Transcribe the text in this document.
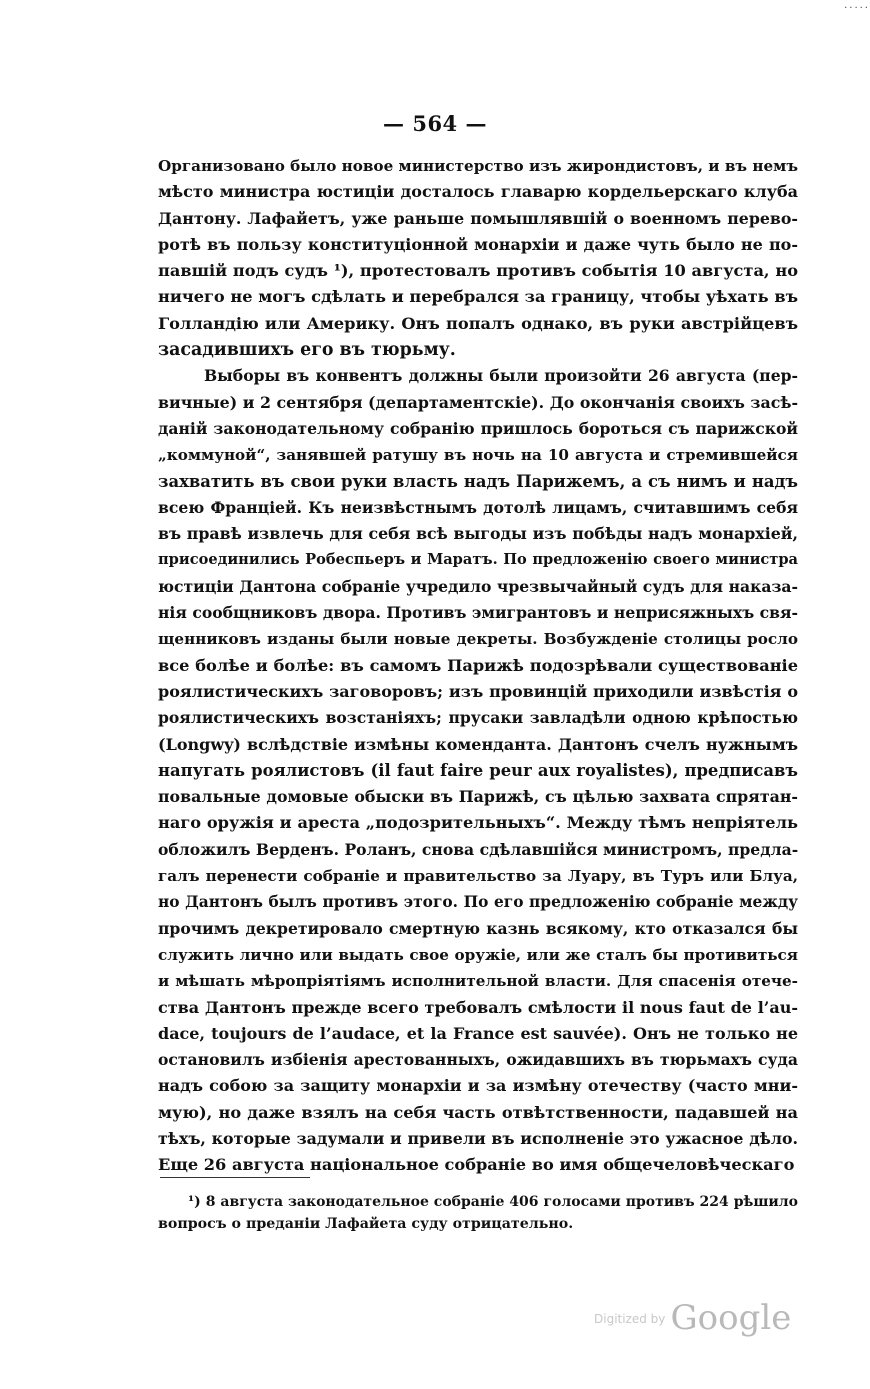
.....
— 564 —
Организовано было новое министерство изъ жирондистовъ, и въ немъ
мѣсто министра юстиціи досталось главарю кордельерскаго клуба
Дантону. Лафайетъ, уже раньше помышлявшій о военномъ перево-
ротѣ въ пользу конституціонной монархіи и даже чуть было не по-
павшій подъ судъ ¹), протестовалъ противъ событія 10 августа, но
ничего не могъ сдѣлать и перебрался за границу, чтобы уѣхать въ
Голландію или Америку. Онъ попалъ однако, въ руки австрійцевъ
засадившихъ его въ тюрьму.
Выборы въ конвентъ должны были произойти 26 августа (пер-
вичные) и 2 сентября (департаментскіе). До окончанія своихъ засѣ-
даній законодательному собранію пришлось бороться съ парижской
„коммуной“, занявшей ратушу въ ночь на 10 августа и стремившейся
захватить въ свои руки власть надъ Парижемъ, а съ нимъ и надъ
всею Франціей. Къ неизвѣстнымъ дотолѣ лицамъ, считавшимъ себя
въ правѣ извлечь для себя всѣ выгоды изъ побѣды надъ монархіей,
присоединились Робеспьеръ и Маратъ. По предложенію своего министра
юстиціи Дантона собраніе учредило чрезвычайный судъ для наказа-
нія сообщниковъ двора. Противъ эмигрантовъ и неприсяжныхъ свя-
щенниковъ изданы были новые декреты. Возбужденіе столицы росло
все болѣе и болѣе: въ самомъ Парижѣ подозрѣвали существованіе
роялистическихъ заговоровъ; изъ провинцій приходили извѣстія о
роялистическихъ возстаніяхъ; прусаки завладѣли одною крѣпостью
(Longwy) вслѣдствіе измѣны коменданта. Дантонъ счелъ нужнымъ
напугать роялистовъ (il faut faire peur aux royalistes), предписавъ
повальные домовые обыски въ Парижѣ, съ цѣлью захвата спрятан-
наго оружія и ареста „подозрительныхъ“. Между тѣмъ непріятель
обложилъ Верденъ. Роланъ, снова сдѣлавшійся министромъ, предла-
галъ перенести собраніе и правительство за Луару, въ Туръ или Блуа,
но Дантонъ былъ противъ этого. По его предложенію собраніе между
прочимъ декретировало смертную казнь всякому, кто отказался бы
служить лично или выдать свое оружіе, или же сталъ бы противиться
и мѣшать мѣропріятіямъ исполнительной власти. Для спасенія отече-
ства Дантонъ прежде всего требовалъ смѣлости il nous faut de l’au-
dace, toujours de l’audace, et la France est sauvée). Онъ не только не
остановилъ избіенія арестованныхъ, ожидавшихъ въ тюрьмахъ суда
надъ собою за защиту монархіи и за измѣну отечеству (часто мни-
мую), но даже взялъ на себя часть отвѣтственности, падавшей на
тѣхъ, которые задумали и привели въ исполненіе это ужасное дѣло.
Еще 26 августа національное собраніе во имя общечеловѣческаго
¹) 8 августа законодательное собраніе 406 голосами противъ 224 рѣшило
вопросъ о преданіи Лафайета суду отрицательно.
$^{Digitized by}$ Google
